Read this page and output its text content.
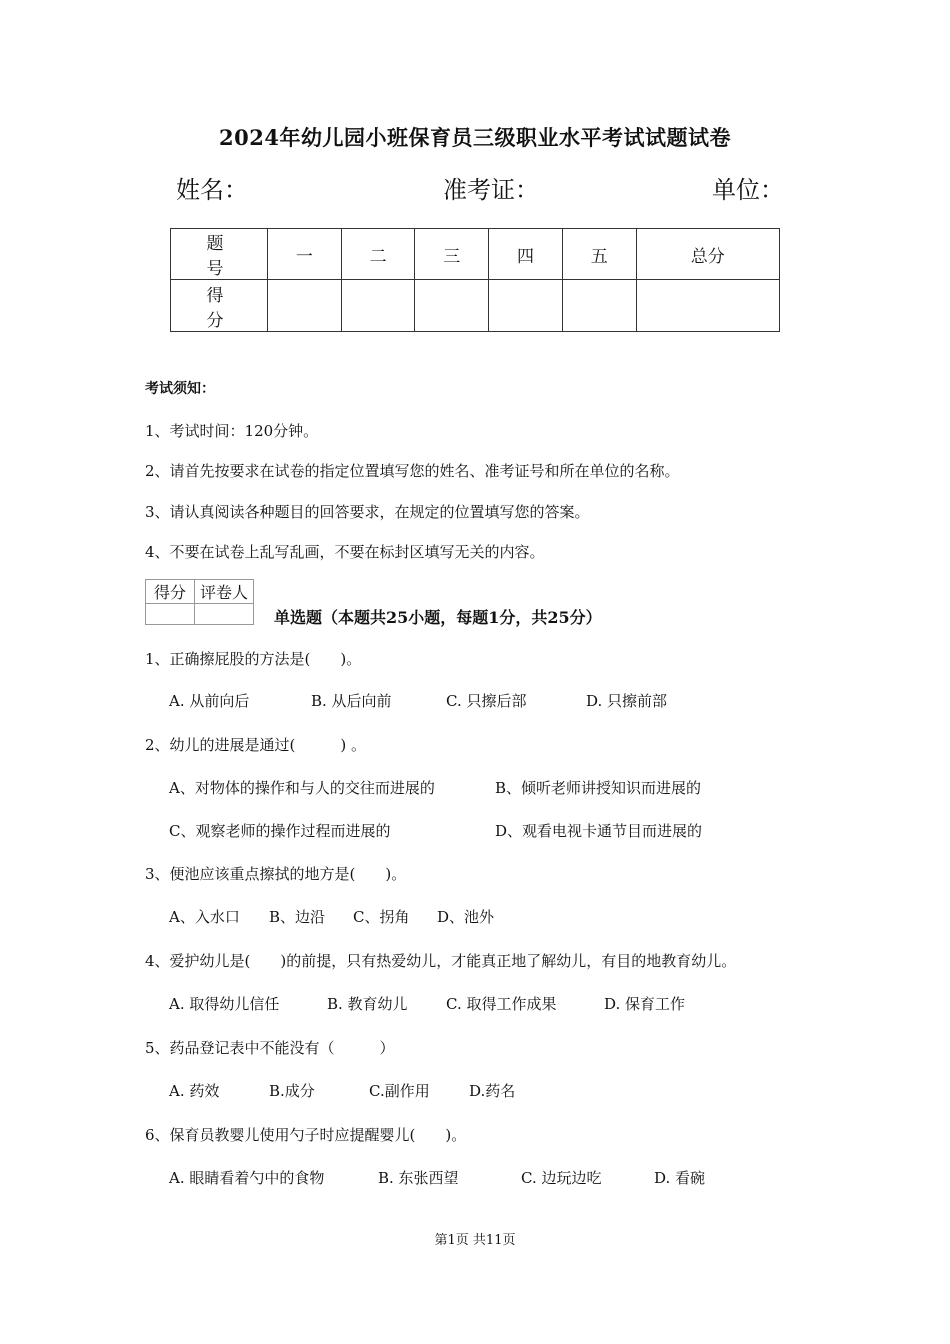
2024年幼儿园小班保育员三级职业水平考试试题试卷
姓名：	准考证：	单位：
题 号	一	二	三	四	五	总分
得 分						
考试须知：
1、考试时间：120分钟。
2、请首先按要求在试卷的指定位置填写您的姓名、准考证号和所在单位的名称。
3、请认真阅读各种题目的回答要求，在规定的位置填写您的答案。
4、不要在试卷上乱写乱画，不要在标封区填写无关的内容。
得分	评卷人

单选题（本题共25小题，每题1分，共25分）
1、正确擦屁股的方法是(　　)。
A. 从前向后	B. 从后向前	C. 只擦后部	D. 只擦前部
2、幼儿的进展是通过(　　　) 。
A、对物体的操作和与人的交往而进展的	B、倾听老师讲授知识而进展的
C、观察老师的操作过程而进展的	D、观看电视卡通节目而进展的
3、便池应该重点擦拭的地方是(　　)。
A、入水口 B、边沿 C、拐角 D、池外
4、爱护幼儿是(　　)的前提，只有热爱幼儿，才能真正地了解幼儿，有目的地教育幼儿。
A. 取得幼儿信任	B. 教育幼儿	C. 取得工作成果	D. 保育工作
5、药品登记表中不能没有（　　　）
A. 药效	B.成分	C.副作用	D.药名
6、保育员教婴儿使用勺子时应提醒婴儿(　　)。
A. 眼睛看着勺中的食物	B. 东张西望	C. 边玩边吃	D. 看碗
第1页 共11页
